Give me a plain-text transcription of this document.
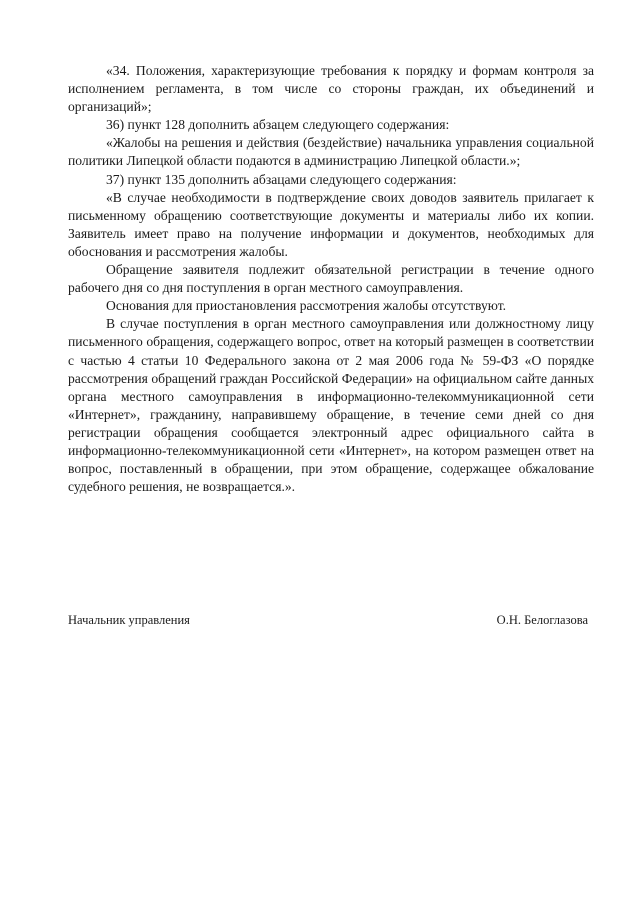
«34. Положения, характеризующие требования к порядку и формам контроля за исполнением регламента, в том числе со стороны граждан, их объединений и организаций»;

36) пункт 128 дополнить абзацем следующего содержания:

«Жалобы на решения и действия (бездействие) начальника управления социальной политики Липецкой области подаются в администрацию Липецкой области.»;

37) пункт 135 дополнить абзацами следующего содержания:

«В случае необходимости в подтверждение своих доводов заявитель прилагает к письменному обращению соответствующие документы и материалы либо их копии. Заявитель имеет право на получение информации и документов, необходимых для обоснования и рассмотрения жалобы.

Обращение заявителя подлежит обязательной регистрации в течение одного рабочего дня со дня поступления в орган местного самоуправления.

Основания для приостановления рассмотрения жалобы отсутствуют.

В случае поступления в орган местного самоуправления или должностному лицу письменного обращения, содержащего вопрос, ответ на который размещен в соответствии с частью 4 статьи 10 Федерального закона от 2 мая 2006 года № 59-ФЗ «О порядке рассмотрения обращений граждан Российской Федерации» на официальном сайте данных органа местного самоуправления в информационно-телекоммуникационной сети «Интернет», гражданину, направившему обращение, в течение семи дней со дня регистрации обращения сообщается электронный адрес официального сайта в информационно-телекоммуникационной сети «Интернет», на котором размещен ответ на вопрос, поставленный в обращении, при этом обращение, содержащее обжалование судебного решения, не возвращается.».

Начальник управления	О.Н. Белоглазова
